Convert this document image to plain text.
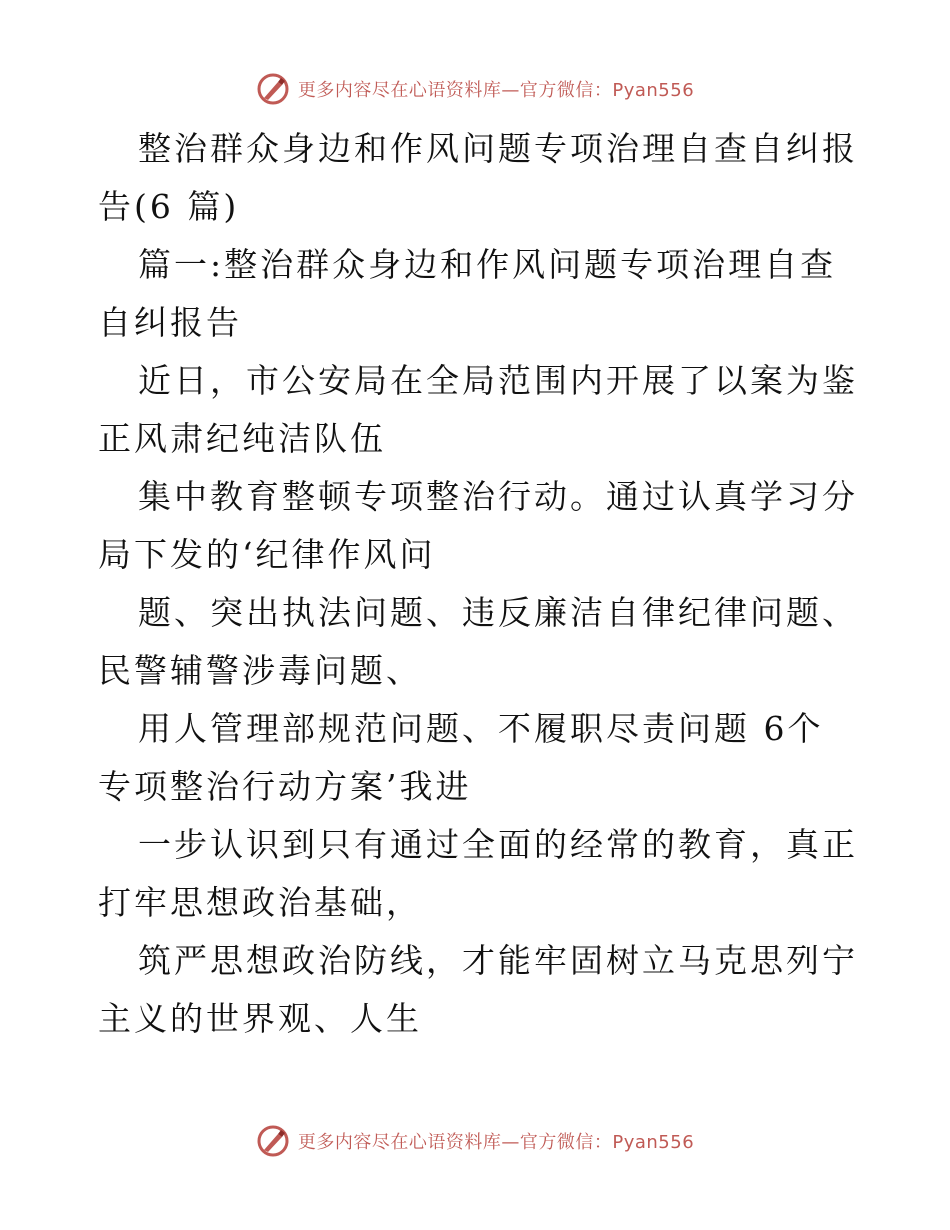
更多内容尽在心语资料库—官方微信：Pyan556

整治群众身边和作风问题专项治理自查自纠报告(6 篇)

篇一:整治群众身边和作风问题专项治理自查自纠报告

近日，市公安局在全局范围内开展了以案为鉴正风肃纪纯洁队伍

集中教育整顿专项整治行动。通过认真学习分局下发的‘纪律作风问

题、突出执法问题、违反廉洁自律纪律问题、民警辅警涉毒问题、

用人管理部规范问题、不履职尽责问题 6个专项整治行动方案’我进

一步认识到只有通过全面的经常的教育，真正打牢思想政治基础，

筑严思想政治防线，才能牢固树立马克思列宁主义的世界观、人生

更多内容尽在心语资料库—官方微信：Pyan556
